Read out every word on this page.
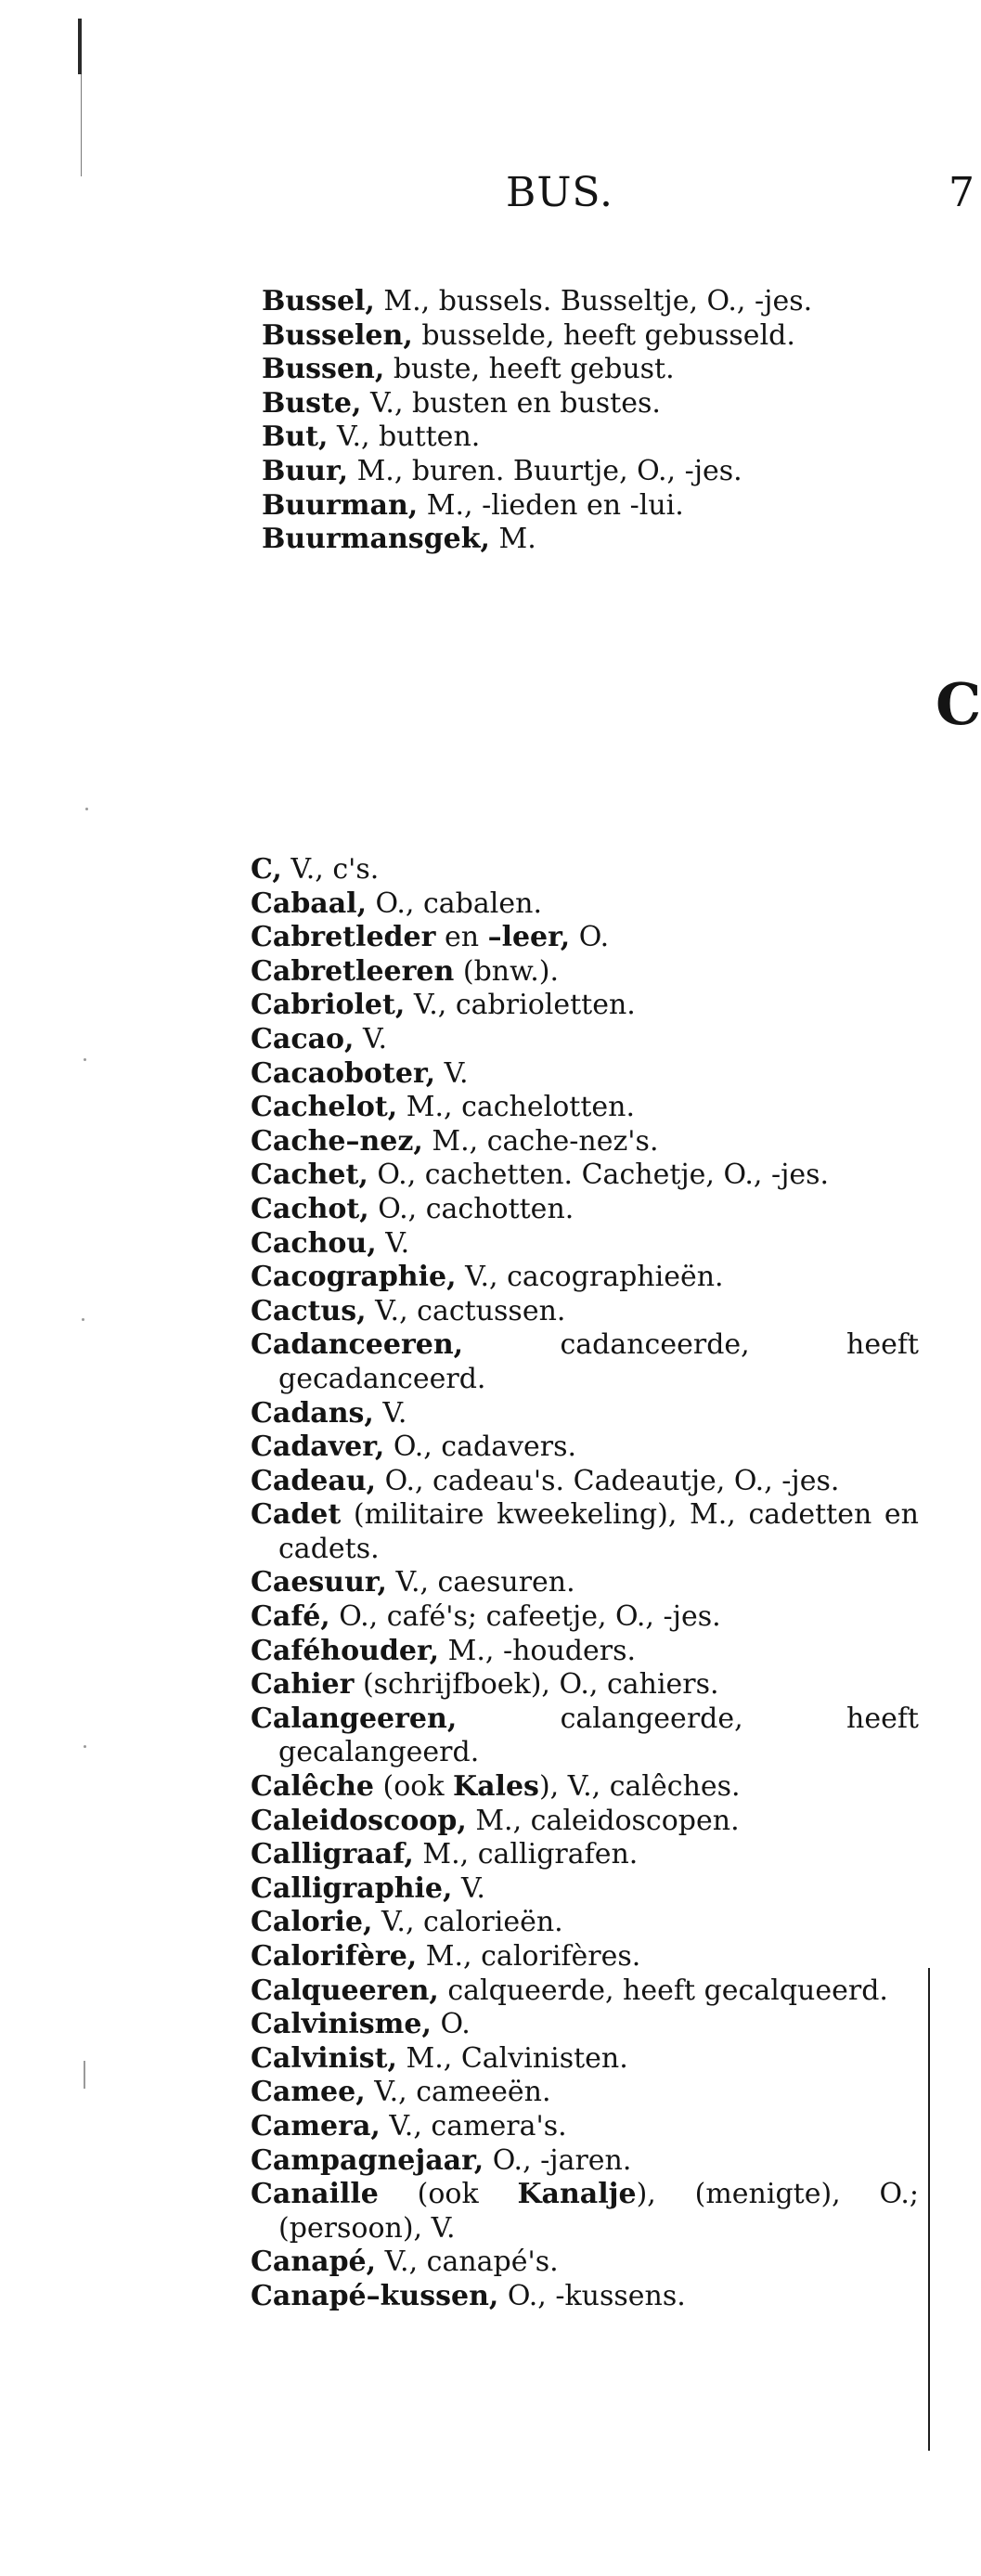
BUS.	7
Bussel, M., bussels. Busseltje, O., -jes.
Busselen, busselde, heeft gebusseld.
Bussen, buste, heeft gebust.
Buste, V., busten en bustes.
But, V., butten.
Buur, M., buren. Buurtje, O., -jes.
Buurman, M., -lieden en -lui.
Buurmansgek, M.
C
C, V., c's.
Cabaal, O., cabalen.
Cabretleder en –leer, O.
Cabretleeren (bnw.).
Cabriolet, V., cabrioletten.
Cacao, V.
Cacaoboter, V.
Cachelot, M., cachelotten.
Cache–nez, M., cache-nez's.
Cachet, O., cachetten. Cachetje, O., -jes.
Cachot, O., cachotten.
Cachou, V.
Cacographie, V., cacographieën.
Cactus, V., cactussen.
Cadanceeren, cadanceerde, heeft gecadanceerd.
Cadans, V.
Cadaver, O., cadavers.
Cadeau, O., cadeau's. Cadeautje, O., -jes.
Cadet (militaire kweekeling), M., cadetten en cadets.
Caesuur, V., caesuren.
Café, O., café's; cafeetje, O., -jes.
Caféhouder, M., -houders.
Cahier (schrijfboek), O., cahiers.
Calangeeren, calangeerde, heeft gecalangeerd.
Calêche (ook Kales), V., calêches.
Caleidoscoop, M., caleidoscopen.
Calligraaf, M., calligrafen.
Calligraphie, V.
Calorie, V., calorieën.
Calorifère, M., calorifères.
Calqueeren, calqueerde, heeft gecalqueerd.
Calvinisme, O.
Calvinist, M., Calvinisten.
Camee, V., cameeën.
Camera, V., camera's.
Campagnejaar, O., -jaren.
Canaille (ook Kanalje), (menigte), O.; (persoon), V.
Canapé, V., canapé's.
Canapé–kussen, O., -kussens.
